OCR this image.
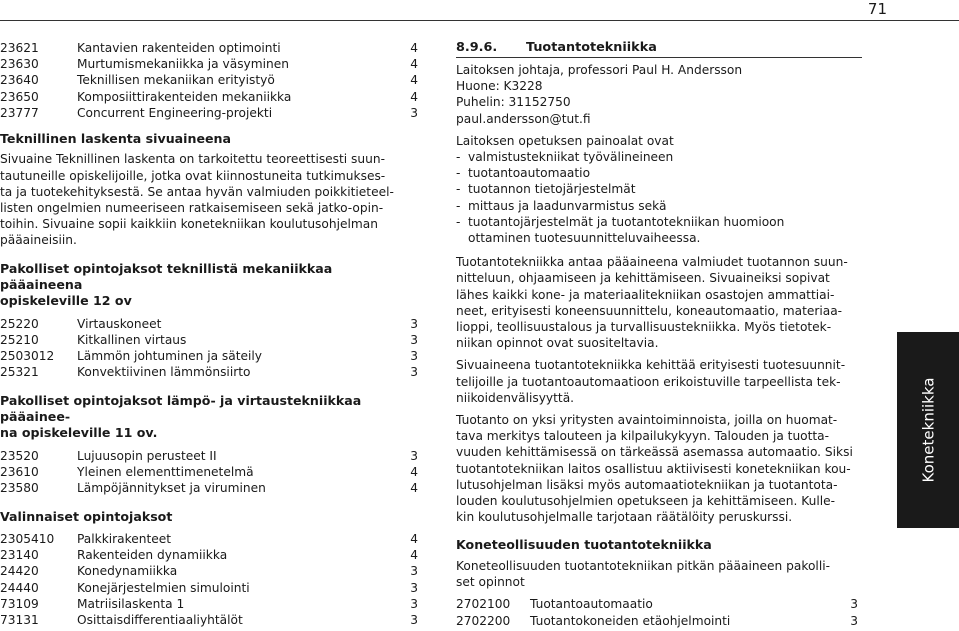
71
23621	Kantavien rakenteiden optimointi	4
23630	Murtumismekaniikka ja väsyminen	4
23640	Teknillisen mekaniikan erityistyö	4
23650	Komposiittirakenteiden mekaniikka	4
23777	Concurrent Engineering-projekti	3
Teknillinen laskenta sivuaineena
Sivuaine Teknillinen laskenta on tarkoitettu teoreettisesti suun-
tautuneille opiskelijoille, jotka ovat kiinnostuneita tutkimukses-
ta ja tuotekehityksestä. Se antaa hyvän valmiuden poikkitieteel-
listen ongelmien numeeriseen ratkaisemiseen sekä jatko-opin-
toihin. Sivuaine sopii kaikkiin konetekniikan koulutusohjelman
pääaineisiin.
Pakolliset opintojaksot teknillistä mekaniikkaa pääaineena
opiskeleville 12 ov
25220	Virtauskoneet	3
25210	Kitkallinen virtaus	3
2503012	Lämmön johtuminen ja säteily	3
25321	Konvektiivinen lämmönsiirto	3
Pakolliset opintojaksot lämpö- ja virtaustekniikkaa pääainee-
na opiskeleville 11 ov.
23520	Lujuusopin perusteet II	3
23610	Yleinen elementtimenetelmä	4
23580	Lämpöjännitykset ja viruminen	4
Valinnaiset opintojaksot
2305410	Palkkirakenteet	4
23140	Rakenteiden dynamiikka	4
24420	Konedynamiikka	3
24440	Konejärjestelmien simulointi	3
73109	Matriisilaskenta 1	3
73131	Osittaisdifferentiaaliyhtälöt	3
8.9.6.	Tuotantotekniikka
Laitoksen johtaja, professori Paul H. Andersson
Huone: K3228
Puhelin: 31152750
paul.andersson@tut.fi

Laitoksen opetuksen painoalat ovat

- valmistustekniikat työvälineineen
- tuotantoautomaatio
- tuotannon tietojärjestelmät
- mittaus ja laadunvarmistus sekä
- tuotantojärjestelmät ja tuotantotekniikan huomioon
ottaminen tuotesuunnitteluvaiheessa.
Tuotantotekniikka antaa pääaineena valmiudet tuotannon suun-
nitteluun, ohjaamiseen ja kehittämiseen. Sivuaineiksi sopivat
lähes kaikki kone- ja materiaalitekniikan osastojen ammattiai-
neet, erityisesti koneensuunnittelu, koneautomaatio, materiaa-
lioppi, teollisuustalous ja turvallisuustekniikka. Myös tietotek-
niikan opinnot ovat suositeltavia.
Sivuaineena tuotantotekniikka kehittää erityisesti tuotesuunnit-
telijoille ja tuotantoautomaatioon erikoistuville tarpeellista tek-
niikoidenvälisyyttä.
Tuotanto on yksi yritysten avaintoiminnoista, joilla on huomat-
tava merkitys talouteen ja kilpailukykyyn. Talouden ja tuotta-
vuuden kehittämisessä on tärkeässä asemassa automaatio. Siksi
tuotantotekniikan laitos osallistuu aktiivisesti konetekniikan kou-
lutusohjelman lisäksi myös automaatiotekniikan ja tuotantota-
louden koulutusohjelmien opetukseen ja kehittämiseen. Kulle-
kin koulutusohjelmalle tarjotaan räätälöity peruskurssi.
Koneteollisuuden tuotantotekniikka
Koneteollisuuden tuotantotekniikan pitkän pääaineen pakolli-
set opinnot
2702100	Tuotantoautomaatio	3
2702200	Tuotantokoneiden etäohjelmointi	3
Konetekniikka
